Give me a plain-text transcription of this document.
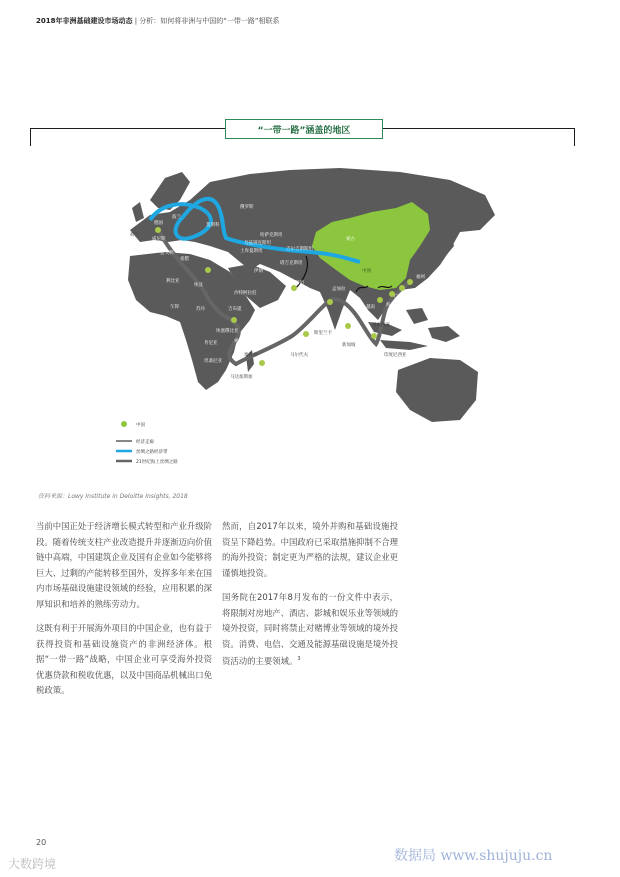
2018年非洲基础建设市场动态 | 分析：如何将非洲与中国的“一带一路”相联系
“一带一路”涵盖的地区
俄罗斯
蒙古
中国
哈萨克斯坦
乌兹别克斯坦
吉尔吉斯斯坦
土库曼斯坦
塔吉克斯坦
伊朗
巴基斯坦
瓜达尔 印度
土耳其
希腊
意大利
威尼斯
荷兰
德国
波兰
莫斯科
埃及
利比亚
沙特阿拉伯
乍得	苏丹	吉布提
埃塞俄比亚
肯尼亚	索马里
坦桑尼亚
马达加斯加
塞舌尔	马尔代夫
斯里兰卡
孟加拉
缅甸
越南
马来西亚
新加坡
印度尼西亚
菲律宾
福州
广州
海口
香港
中国
经济走廊
丝绸之路经济带
21世纪海上丝绸之路
资料来源：Lowy Institute in Deloitte Insights, 2018

当前中国正处于经济增长模式转型和产业升级阶段。随着传统支柱产业改造提升并逐渐迈向价值链中高端，中国建筑企业及国有企业如今能够将巨大、过剩的产能转移至国外，发挥多年来在国内市场基础设施建设领域的经验，应用积累的深厚知识和培养的熟练劳动力。

这既有利于开展海外项目的中国企业，也有益于获得投资和基础设施资产的非洲经济体。根据“一带一路”战略，中国企业可享受海外投资优惠贷款和税收优惠，以及中国商品机械出口免税政策。

然而，自2017年以来，境外并购和基础设施投资呈下降趋势。中国政府已采取措施抑制不合理的海外投资；制定更为严格的法规，建议企业更谨慎地投资。

国务院在2017年8月发布的一份文件中表示，将限制对房地产、酒店、影城和娱乐业等领域的境外投资，同时将禁止对赌博业等领域的境外投资。消费、电信、交通及能源基础设施是境外投资活动的主要领域。$^3$

20
大数跨境	数据局 www.shujuju.cn
